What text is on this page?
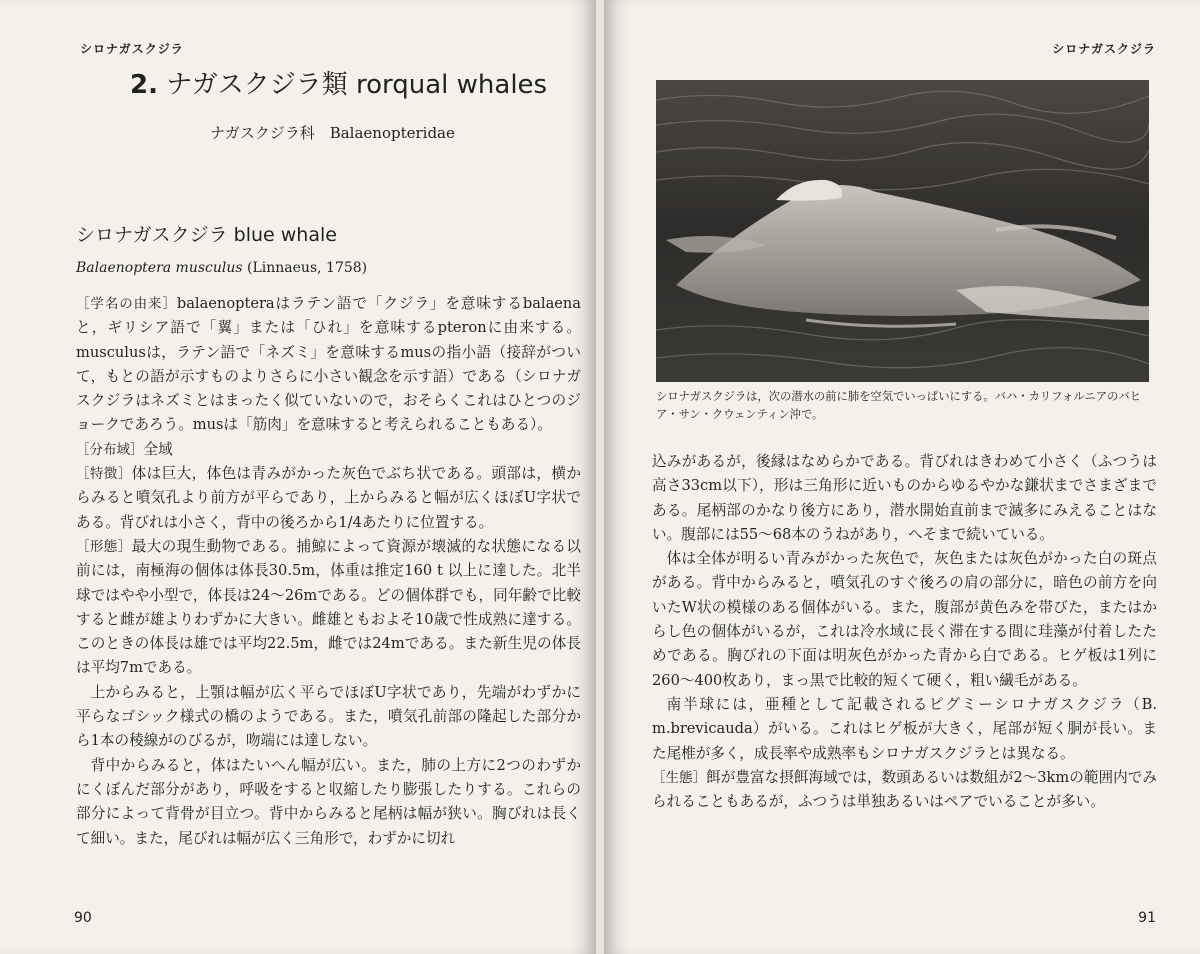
シロナガスクジラ
2. ナガスクジラ類 rorqual whales
ナガスクジラ科　Balaenopteridae
シロナガスクジラ blue whale
Balaenoptera musculus (Linnaeus, 1758)

［学名の由来］balaenopteraはラテン語で「クジラ」を意味するbalaenaと，ギリシア語で「翼」または「ひれ」を意味するpteronに由来する。musculusは，ラテン語で「ネズミ」を意味するmusの指小語（接辞がついて，もとの語が示すものよりさらに小さい観念を示す語）である（シロナガスクジラはネズミとはまったく似ていないので，おそらくこれはひとつのジョークであろう。musは「筋肉」を意味すると考えられることもある）。

［分布域］全域

［特徴］体は巨大，体色は青みがかった灰色でぶち状である。頭部は，横からみると噴気孔より前方が平らであり，上からみると幅が広くほぼU字状である。背びれは小さく，背中の後ろから1/4あたりに位置する。

［形態］最大の現生動物である。捕鯨によって資源が壊滅的な状態になる以前には，南極海の個体は体長30.5m，体重は推定160 t 以上に達した。北半球ではやや小型で，体長は24～26mである。どの個体群でも，同年齢で比較すると雌が雄よりわずかに大きい。雌雄ともおよそ10歳で性成熟に達する。このときの体長は雄では平均22.5m，雌では24mである。また新生児の体長は平均7mである。

上からみると，上顎は幅が広く平らでほぼU字状であり，先端がわずかに平らなゴシック様式の橋のようである。また，噴気孔前部の隆起した部分から1本の稜線がのびるが，吻端には達しない。

背中からみると，体はたいへん幅が広い。また，肺の上方に2つのわずかにくぼんだ部分があり，呼吸をすると収縮したり膨張したりする。これらの部分によって背骨が目立つ。背中からみると尾柄は幅が狭い。胸びれは長くて細い。また，尾びれは幅が広く三角形で，わずかに切れ

90
シロナガスクジラ
シロナガスクジラは，次の潜水の前に肺を空気でいっぱいにする。バハ・カリフォルニアのバヒア・サン・クウェンティン沖で。

込みがあるが，後縁はなめらかである。背びれはきわめて小さく（ふつうは高さ33cm以下），形は三角形に近いものからゆるやかな鎌状までさまざまである。尾柄部のかなり後方にあり，潜水開始直前まで滅多にみえることはない。腹部には55～68本のうねがあり，へそまで続いている。

体は全体が明るい青みがかった灰色で，灰色または灰色がかった白の斑点がある。背中からみると，噴気孔のすぐ後ろの肩の部分に，暗色の前方を向いたW状の模様のある個体がいる。また，腹部が黄色みを帯びた，またはからし色の個体がいるが，これは冷水域に長く滞在する間に珪藻が付着したためである。胸びれの下面は明灰色がかった青から白である。ヒゲ板は1列に260～400枚あり，まっ黒で比較的短くて硬く，粗い繊毛がある。

南半球には，亜種として記載されるピグミーシロナガスクジラ（B. m.brevicauda）がいる。これはヒゲ板が大きく，尾部が短く胴が長い。また尾椎が多く，成長率や成熟率もシロナガスクジラとは異なる。

［生態］餌が豊富な摂餌海域では，数頭あるいは数組が2～3kmの範囲内でみられることもあるが，ふつうは単独あるいはペアでいることが多い。

91
